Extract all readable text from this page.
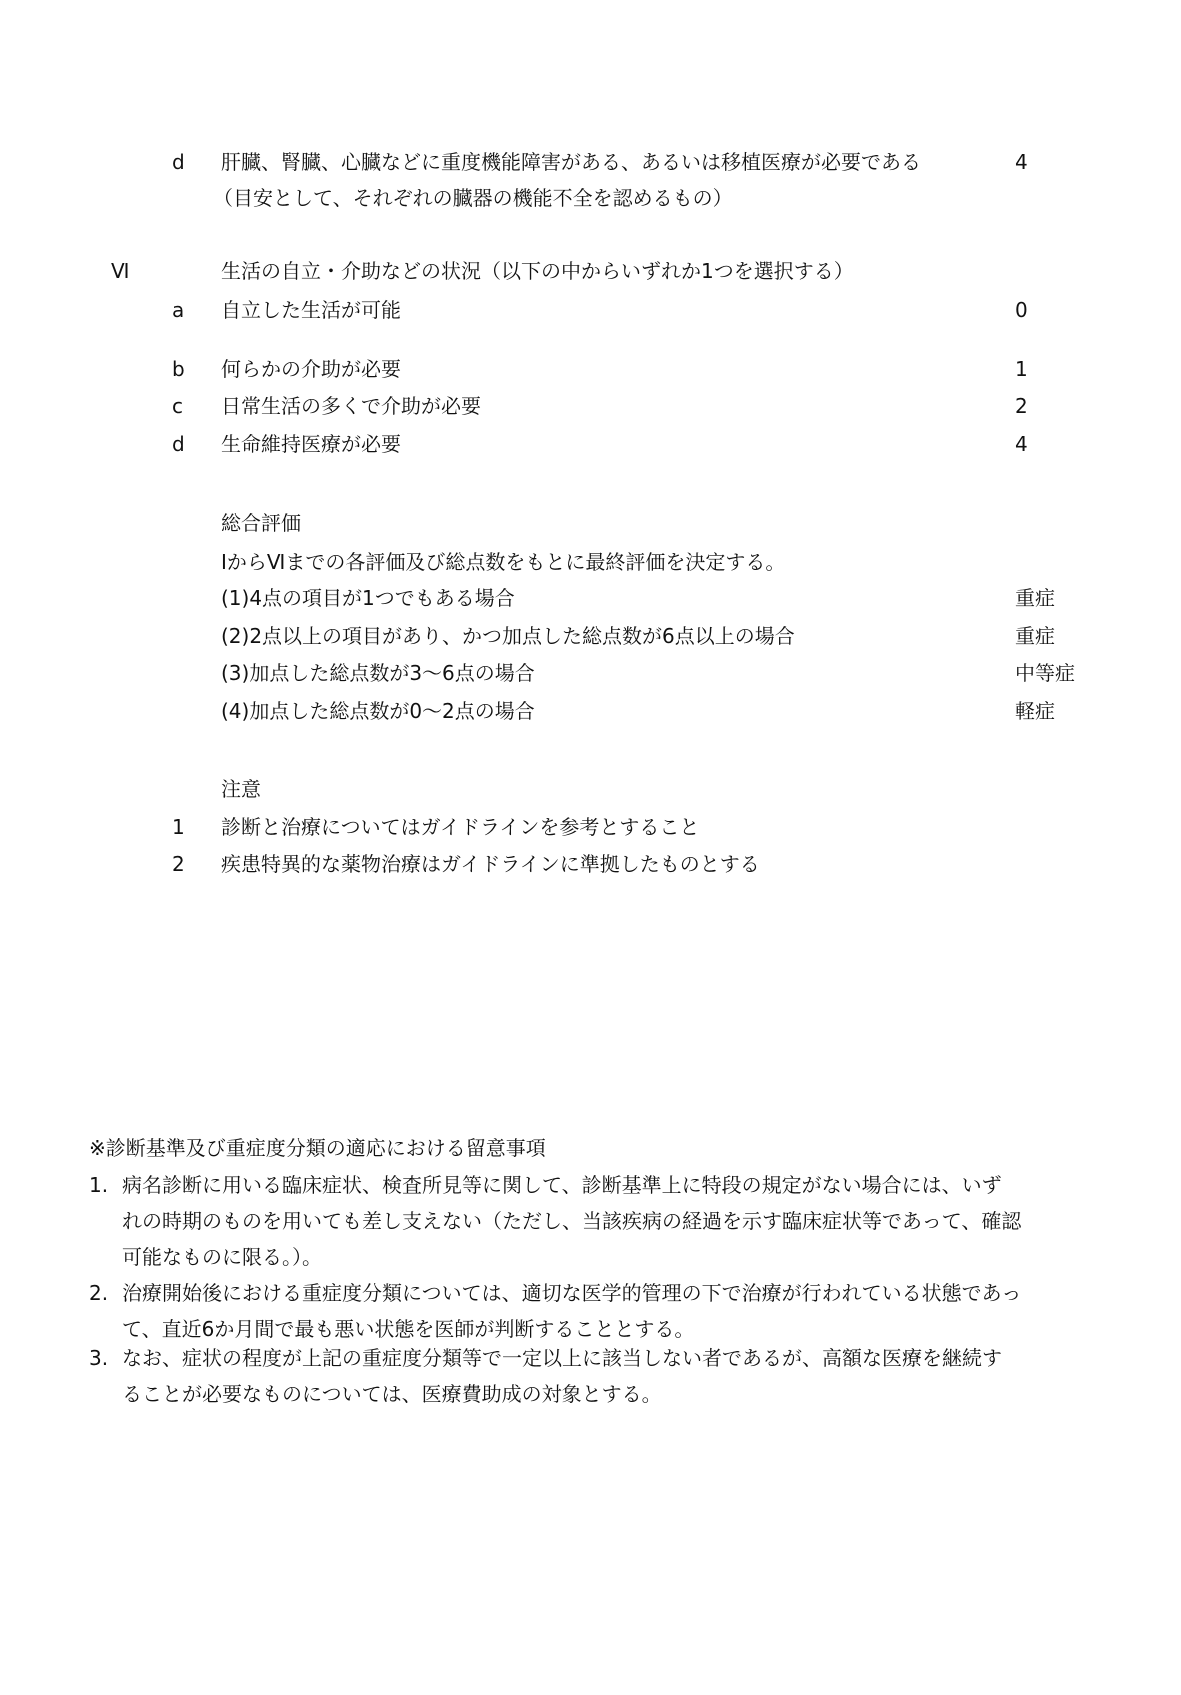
d 肝臓、腎臓、心臓などに重度機能障害がある、あるいは移植医療が必要である	4
（目安として、それぞれの臓器の機能不全を認めるもの）
Ⅵ	生活の自立・介助などの状況（以下の中からいずれか1つを選択する）
a 自立した生活が可能	0
b 何らかの介助が必要	1
c 日常生活の多くで介助が必要	2
d 生命維持医療が必要	4
総合評価
ⅠからⅥまでの各評価及び総点数をもとに最終評価を決定する。
(1)4点の項目が1つでもある場合	重症
(2)2点以上の項目があり、かつ加点した総点数が6点以上の場合	重症
(3)加点した総点数が3～6点の場合	中等症
(4)加点した総点数が0～2点の場合	軽症
注意
1 診断と治療についてはガイドラインを参考とすること
2 疾患特異的な薬物治療はガイドラインに準拠したものとする
※診断基準及び重症度分類の適応における留意事項
1. 病名診断に用いる臨床症状、検査所見等に関して、診断基準上に特段の規定がない場合には、いず
れの時期のものを用いても差し支えない（ただし、当該疾病の経過を示す臨床症状等であって、確認
可能なものに限る。）。
2. 治療開始後における重症度分類については、適切な医学的管理の下で治療が行われている状態であっ
て、直近6か月間で最も悪い状態を医師が判断することとする。
3. なお、症状の程度が上記の重症度分類等で一定以上に該当しない者であるが、高額な医療を継続す
ることが必要なものについては、医療費助成の対象とする。
